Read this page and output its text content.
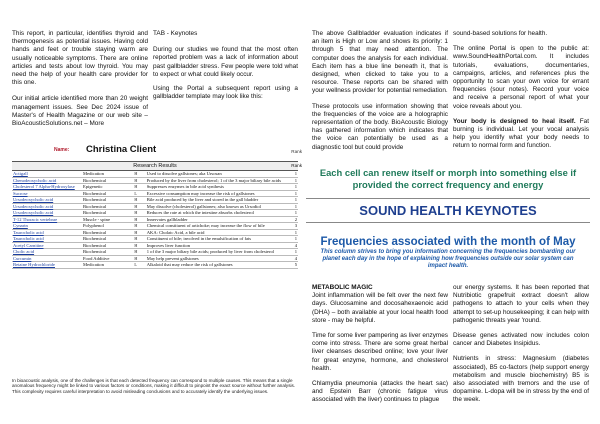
This report, in particular, identifies thyroid and thermogenesis as potential issues. Having cold hands and feet or trouble staying warm are usually noticeable symptoms. There are online articles and tests about low thyroid. You may need the help of your health care provider for this one.

Our initial article identified more than 20 weight management issues. See Dec 2024 issue of Master's of Health Magazine or our web site – BioAcousticSolutions.net – More

TAB - Keynotes

During our studies we found that the most often reported problem was a lack of information about past gallbladder stress. Few people were told what to expect or what could likely occur.

Using the Portal a subsequent report using a gallbladder template may look like this:

Name: Christina Client	Rank
Research Results	Rank
Actigall	Medication	H	Used to dissolve gallstones; aka Ursosan	1
Chenodeoxycholic acid	Biochemical	H	Produced by the liver from cholesterol; 1 of the 3 major biliary bile acids	1
Cholesterol 7 Alpha-Hydroxylase	Epigenetic	H	Suppresses enzymes in bile acid synthesis	1
Sucrose	Biochemical	L	Excessive consumption may increase the risk of gallstones	1
Ursodeoxycholic acid	Biochemical	H	Bile acid produced by the liver and stored in the gall bladder	1
Ursodeoxycholic acid	Biochemical	H	May dissolve (cholesterol) gallstones; also known as Ursodiol	1
Ursodeoxycholic acid	Biochemical	H	Reduces the rate at which the intestine absorbs cholesterol	1
T-12 Thoracic vertebrae	Muscle - spine	H	Innervates gallbladder	2
Cynarin	Polyphenol	H	Chemical constituent of artichoke; may increase the flow of bile	3
Taurocholic acid	Biochemical	H	AKA: Cholaic Acid, a bile acid	1
Taurocholic acid	Biochemical	H	Constituent of bile; involved in the emulsification of fats	1
Acetyl Carnitine	Biochemical	H	Improves liver function	4
Cholic acid	Biochemical	H	1 of the 3 major biliary bile acids; produced by liver from cholesterol	1
Curcumin	Food Additive	H	May help prevent gallstones	4
Betaine Hydrochloride	Medication	L	Alkaloid that may reduce the risk of gallstones	5
In bioacoustic analysis, one of the challenges is that each detected frequency can correspond to multiple causes. This means that a single anomalous frequency might be linked to various factors or conditions, making it difficult to pinpoint the exact source without further analysis. This complexity requires careful interpretation to avoid misleading conclusions and to accurately identify the underlying issues.

The above Gallbladder evaluation indicates if an item is High or Low and shows its priority: 1 through 5 that may need attention. The computer does the analysis for each individual. Each item has a blue line beneath it, that is designed, when clicked to take you to a resource. These reports can be shared with your wellness provider for potential remediation.

These protocols use information showing that the frequencies of the voice are a holographic representation of the body. BioAcoustic Biology has gathered information which indicates that the voice can potentially be used as a diagnostic tool but could provide

sound-based solutions for health.

The online Portal is open to the public at: www.SoundHealthPortal.com. It includes tutorials, evaluations, documentaries, campaigns, articles, and references plus the opportunity to scan your own voice for errant frequencies (sour notes). Record your voice and receive a personal report of what your voice reveals about you.

Your body is designed to heal itself. Fat burning is individual. Let your vocal analysis help you identify what your body needs to return to normal form and function.

Each cell can renew itself or morph into something else if provided the correct frequency and energy
SOUND HEALTH KEYNOTES
Frequencies associated with the month of May
This column strives to bring you information concerning the frequencies bombarding our planet each day in the hope of explaining how frequencies outside our solar system can impact health.

METABOLIC MAGIC

Joint inflammation will be felt over the next few days. Glucosamine and docosahexaenoic acid (DHA) – both available at your local health food store - may be helpful.

Time for some liver pampering as liver enzymes come into stress. There are some great herbal liver cleanses described online; love your liver for great enzyme, hormone, and cholesterol health.

Chlamydia pneumonia (attacks the heart sac) and Epstein Barr (chronic fatigue virus associated with the liver) continues to plague

our energy systems. It has been reported that Nutribiotic grapefruit extract doesn't allow pathogens to attach to your cells when they attempt to set-up housekeeping; it can help with pathogenic threats year 'round.

Disease genes activated now includes colon cancer and Diabetes Insipidus.

Nutrients in stress: Magnesium (diabetes associated), B5 co-factors (help support energy metabolism and muscle biochemistry) B5 is also associated with tremors and the use of dopamine. L-dopa will be in stress by the end of the week.
